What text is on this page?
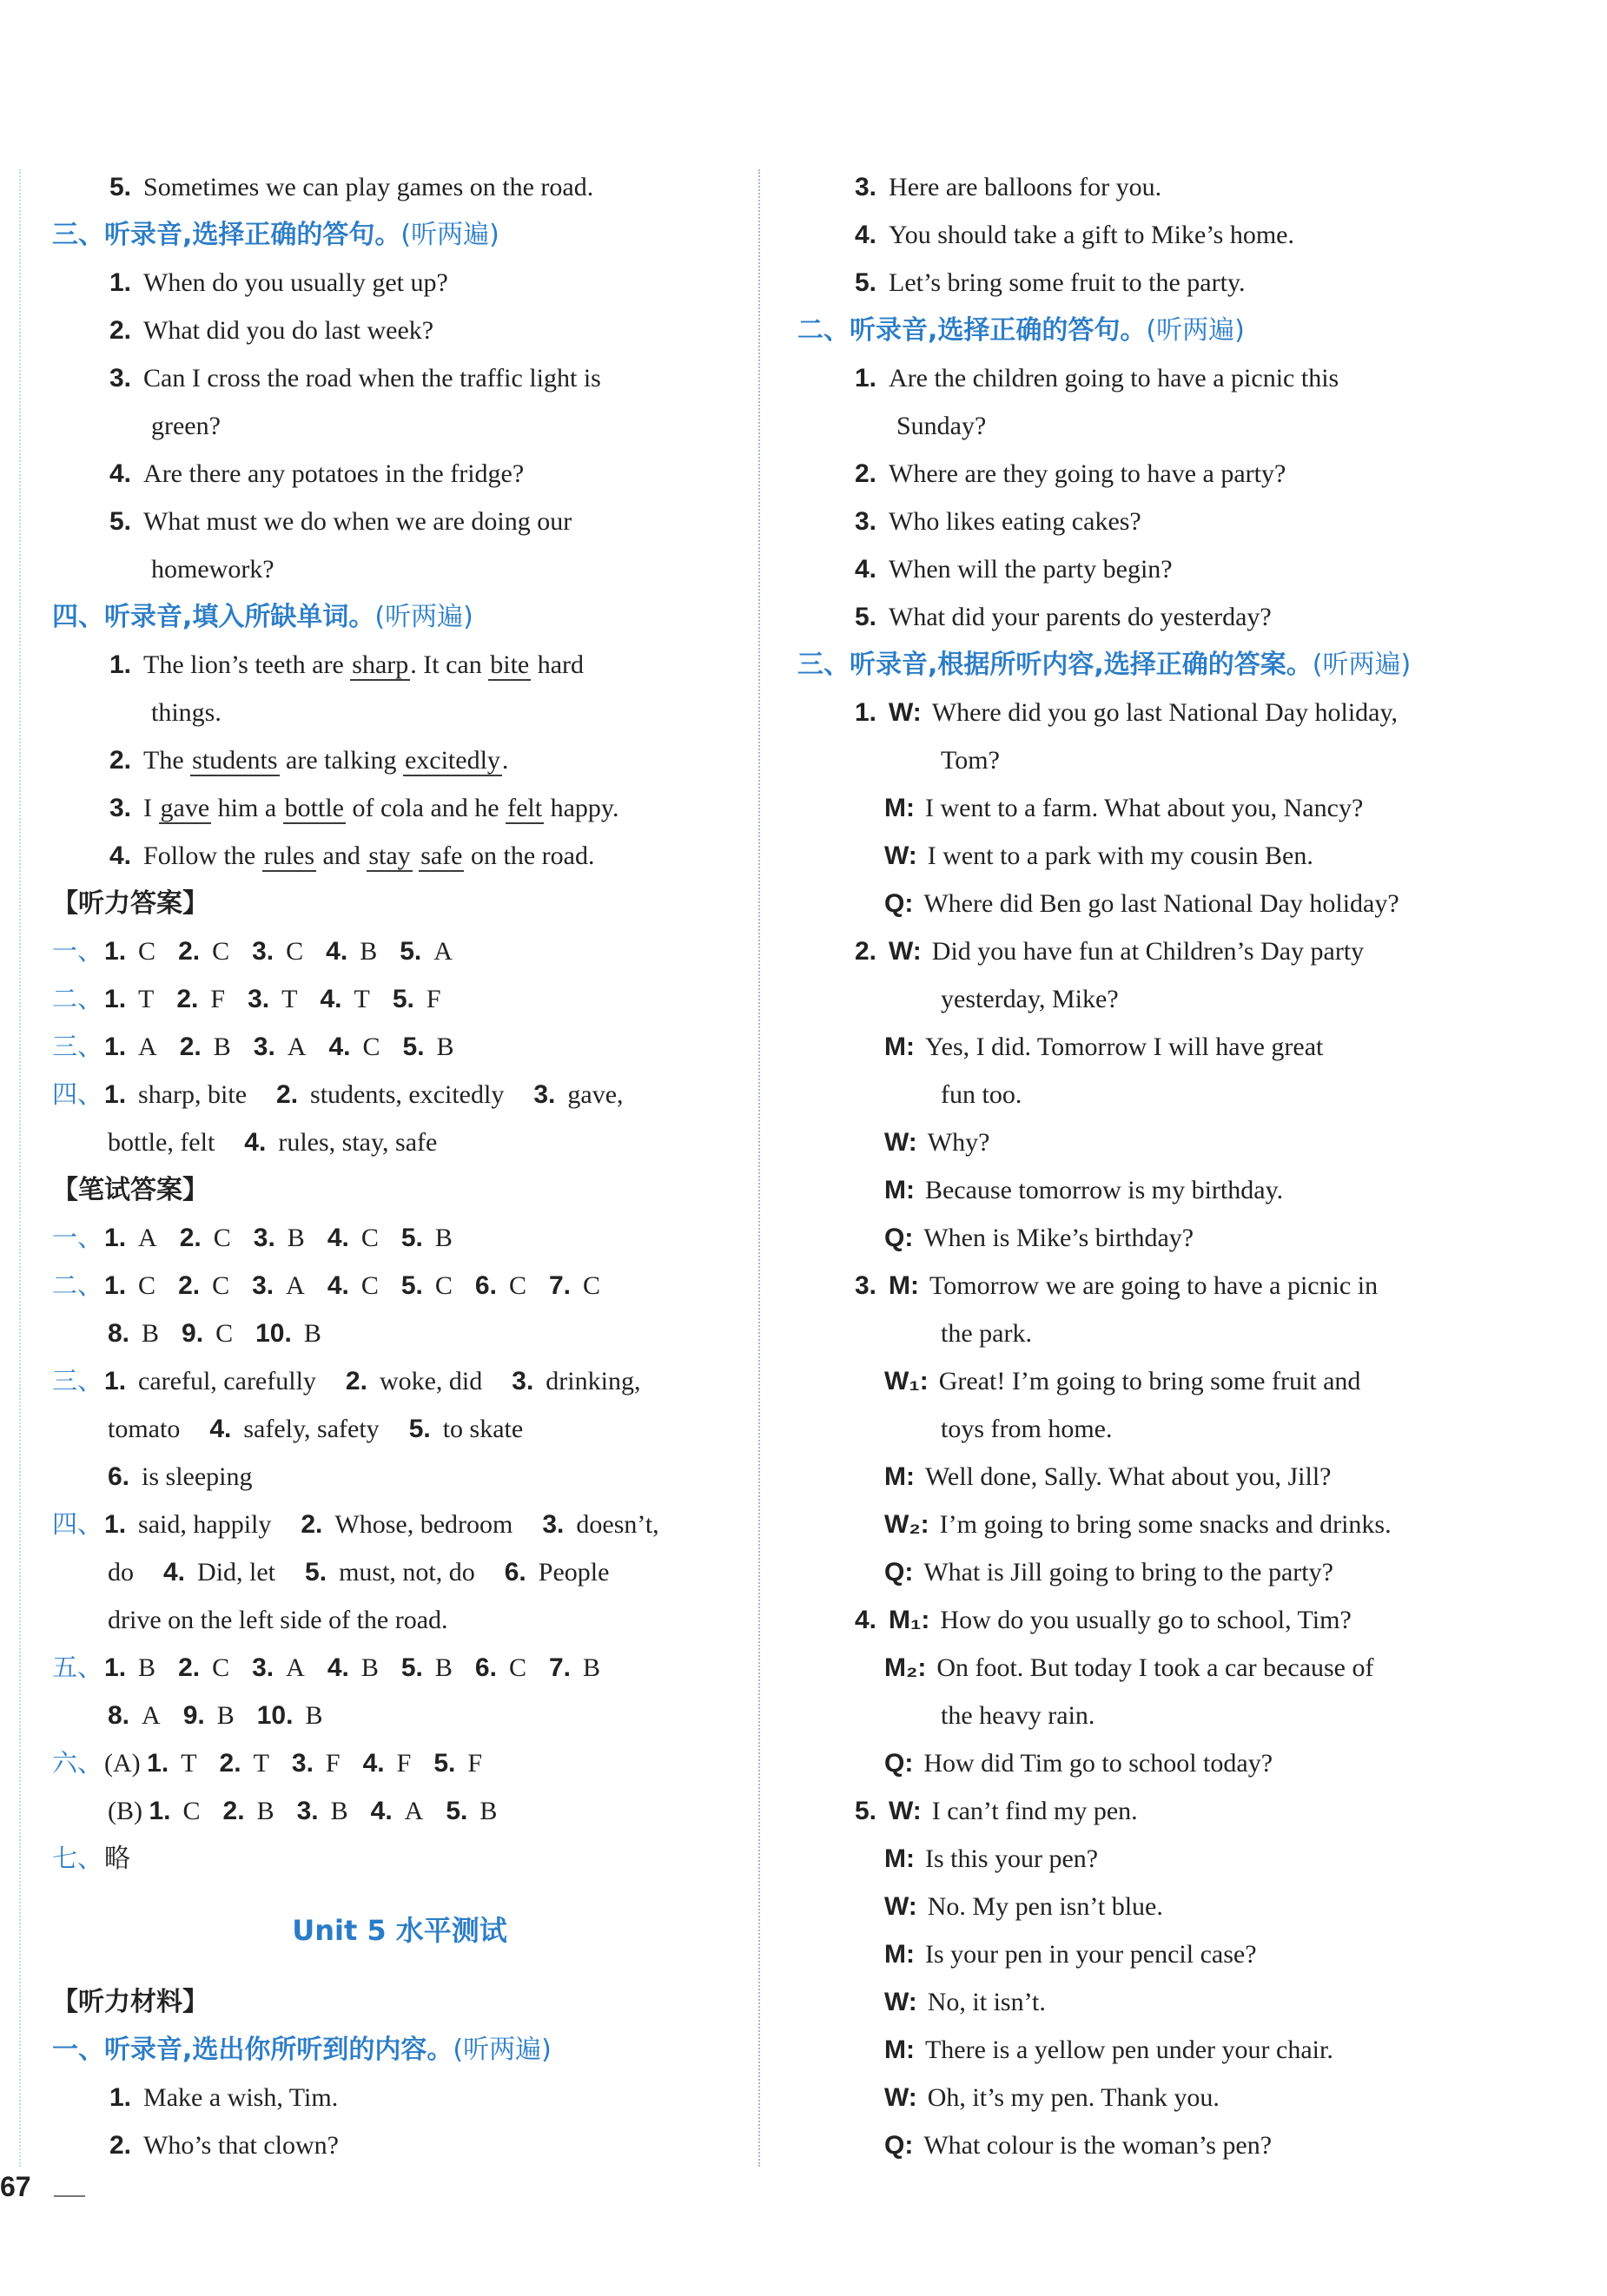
5. Sometimes we can play games on the road.
三、听录音,选择正确的答句。(听两遍)
1. When do you usually get up?
2. What did you do last week?
3. Can I cross the road when the traffic light is
green?
4. Are there any potatoes in the fridge?
5. What must we do when we are doing our
homework?
四、听录音,填入所缺单词。(听两遍)
1. The lion’s teeth are sharp. It can bite hard
things.
2. The students are talking excitedly.
3. I gave him a bottle of cola and he felt happy.
4. Follow the rules and stay safe on the road.
【听力答案】
一、1. C 2. C 3. C 4. B 5. A
二、1. T 2. F 3. T 4. T 5. F
三、1. A 2. B 3. A 4. C 5. B
四、1. sharp, bite 2. students, excitedly 3. gave,
bottle, felt 4. rules, stay, safe
【笔试答案】
一、1. A 2. C 3. B 4. C 5. B
二、1. C 2. C 3. A 4. C 5. C 6. C 7. C
8. B 9. C 10. B
三、1. careful, carefully 2. woke, did 3. drinking,
tomato 4. safely, safety 5. to skate
6. is sleeping
四、1. said, happily 2. Whose, bedroom 3. doesn’t,
do 4. Did, let 5. must, not, do 6. People
drive on the left side of the road.
五、1. B 2. C 3. A 4. B 5. B 6. C 7. B
8. A 9. B 10. B
六、(A) 1. T 2. T 3. F 4. F 5. F
(B) 1. C 2. B 3. B 4. A 5. B
七、略
Unit 5 水平测试
【听力材料】
一、听录音,选出你所听到的内容。(听两遍)
1. Make a wish, Tim.
2. Who’s that clown?
3. Here are balloons for you.
4. You should take a gift to Mike’s home.
5. Let’s bring some fruit to the party.
二、听录音,选择正确的答句。(听两遍)
1. Are the children going to have a picnic this
Sunday?
2. Where are they going to have a party?
3. Who likes eating cakes?
4. When will the party begin?
5. What did your parents do yesterday?
三、听录音,根据所听内容,选择正确的答案。(听两遍)
1. W: Where did you go last National Day holiday,
Tom?
M: I went to a farm. What about you, Nancy?
W: I went to a park with my cousin Ben.
Q: Where did Ben go last National Day holiday?
2. W: Did you have fun at Children’s Day party
yesterday, Mike?
M: Yes, I did. Tomorrow I will have great
fun too.
W: Why?
M: Because tomorrow is my birthday.
Q: When is Mike’s birthday?
3. M: Tomorrow we are going to have a picnic in
the park.
W₁: Great! I’m going to bring some fruit and
toys from home.
M: Well done, Sally. What about you, Jill?
W₂: I’m going to bring some snacks and drinks.
Q: What is Jill going to bring to the party?
4. M₁: How do you usually go to school, Tim?
M₂: On foot. But today I took a car because of
the heavy rain.
Q: How did Tim go to school today?
5. W: I can’t find my pen.
M: Is this your pen?
W: No. My pen isn’t blue.
M: Is your pen in your pencil case?
W: No, it isn’t.
M: There is a yellow pen under your chair.
W: Oh, it’s my pen. Thank you.
Q: What colour is the woman’s pen?
67
